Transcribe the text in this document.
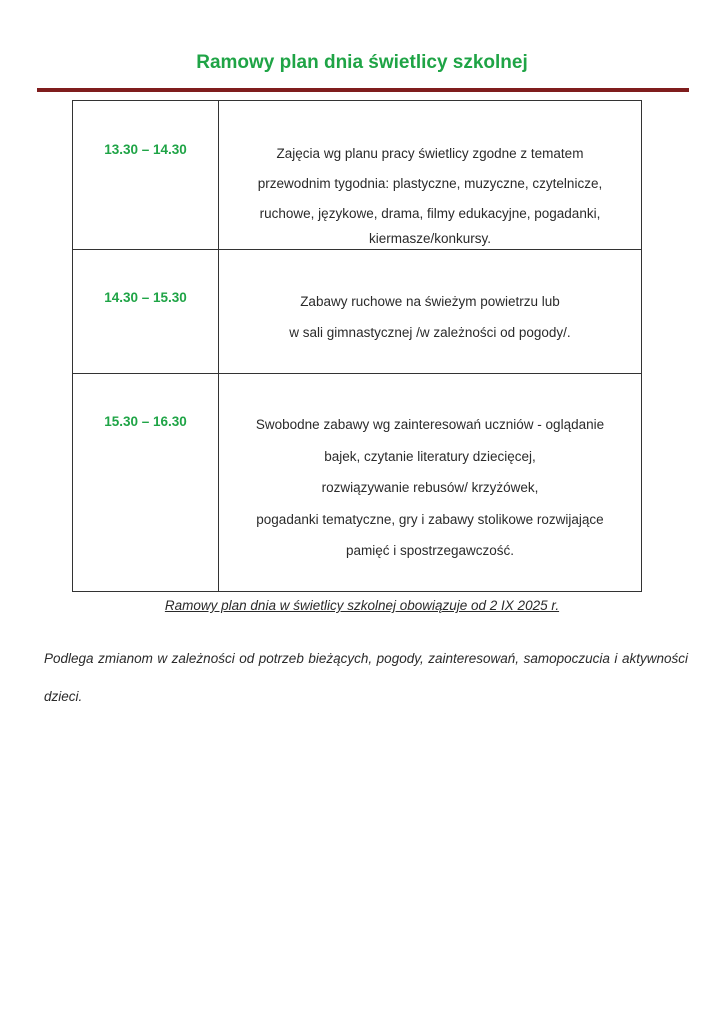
Ramowy plan dnia świetlicy szkolnej
13.30 – 14.30	Zajęcia wg planu pracy świetlicy zgodne z tematem
przewodnim tygodnia: plastyczne, muzyczne, czytelnicze,
ruchowe, językowe, drama, filmy edukacyjne, pogadanki,
kiermasze/konkursy.

14.30 – 15.30	Zabawy ruchowe na świeżym powietrzu lub
w sali gimnastycznej /w zależności od pogody/.

15.30 – 16.30	Swobodne zabawy wg zainteresowań uczniów - oglądanie
bajek, czytanie literatury dziecięcej,
rozwiązywanie rebusów/ krzyżówek,
pogadanki tematyczne, gry i zabawy stolikowe rozwijające
pamięć i spostrzegawczość.
Ramowy plan dnia w świetlicy szkolnej obowiązuje od 2 IX 2025 r.
Podlega zmianom w zależności od potrzeb bieżących, pogody, zainteresowań, samopoczucia i aktywności dzieci.
